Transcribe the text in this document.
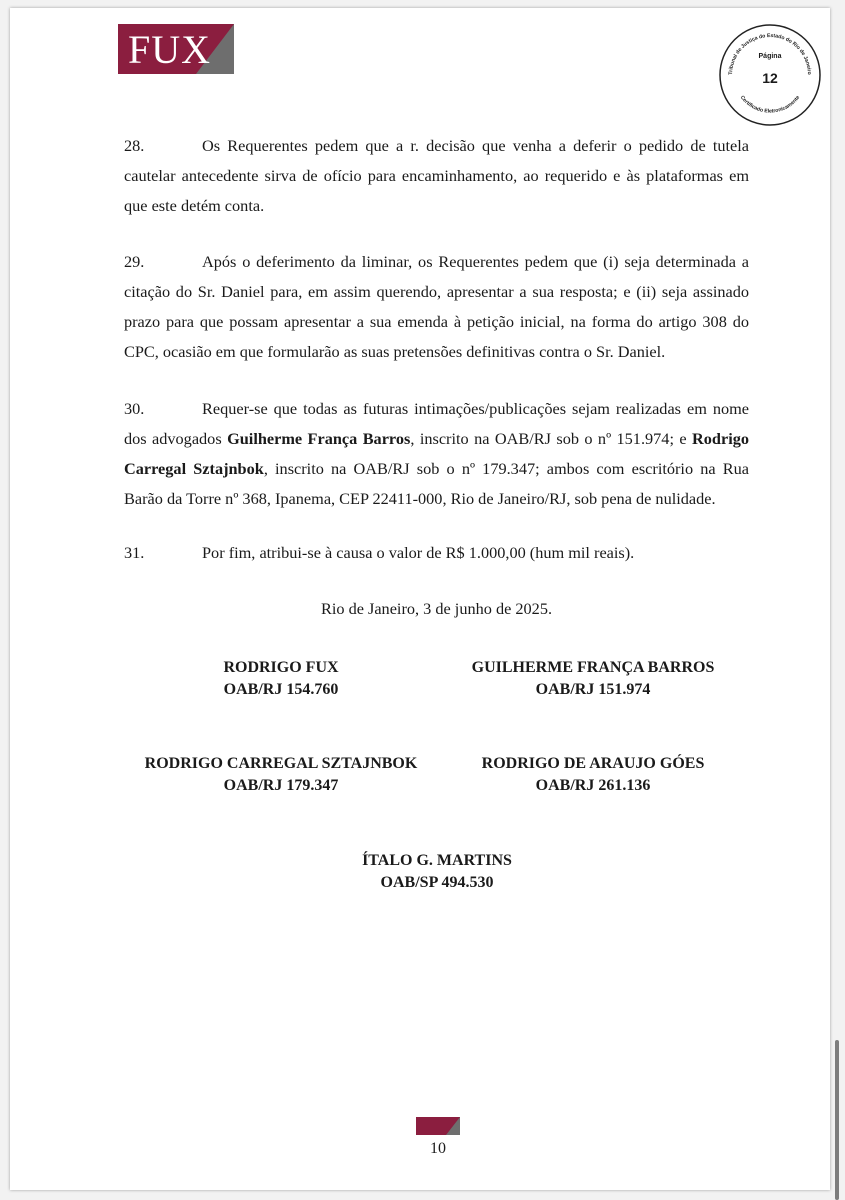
FUX
Tribunal de Justiça do Estado do Rio de Janeiro
Certificado Eletronicamente
Página
12

28.	Os Requerentes pedem que a r. decisão que venha a deferir o pedido de tutela cautelar antecedente sirva de ofício para encaminhamento, ao requerido e às plataformas em que este detém conta.

29.	Após o deferimento da liminar, os Requerentes pedem que (i) seja determinada a citação do Sr. Daniel para, em assim querendo, apresentar a sua resposta; e (ii) seja assinado prazo para que possam apresentar a sua emenda à petição inicial, na forma do artigo 308 do CPC, ocasião em que formularão as suas pretensões definitivas contra o Sr. Daniel.

30.	Requer-se que todas as futuras intimações/publicações sejam realizadas em nome dos advogados Guilherme França Barros, inscrito na OAB/RJ sob o nº 151.974; e Rodrigo Carregal Sztajnbok, inscrito na OAB/RJ sob o nº 179.347; ambos com escritório na Rua Barão da Torre nº 368, Ipanema, CEP 22411-000, Rio de Janeiro/RJ, sob pena de nulidade.

31.	Por fim, atribui-se à causa o valor de R$ 1.000,00 (hum mil reais).

Rio de Janeiro, 3 de junho de 2025.

RODRIGO FUX
OAB/RJ 154.760
GUILHERME FRANÇA BARROS
OAB/RJ 151.974
RODRIGO CARREGAL SZTAJNBOK
OAB/RJ 179.347
RODRIGO DE ARAUJO GÓES
OAB/RJ 261.136
ÍTALO G. MARTINS
OAB/SP 494.530
10
